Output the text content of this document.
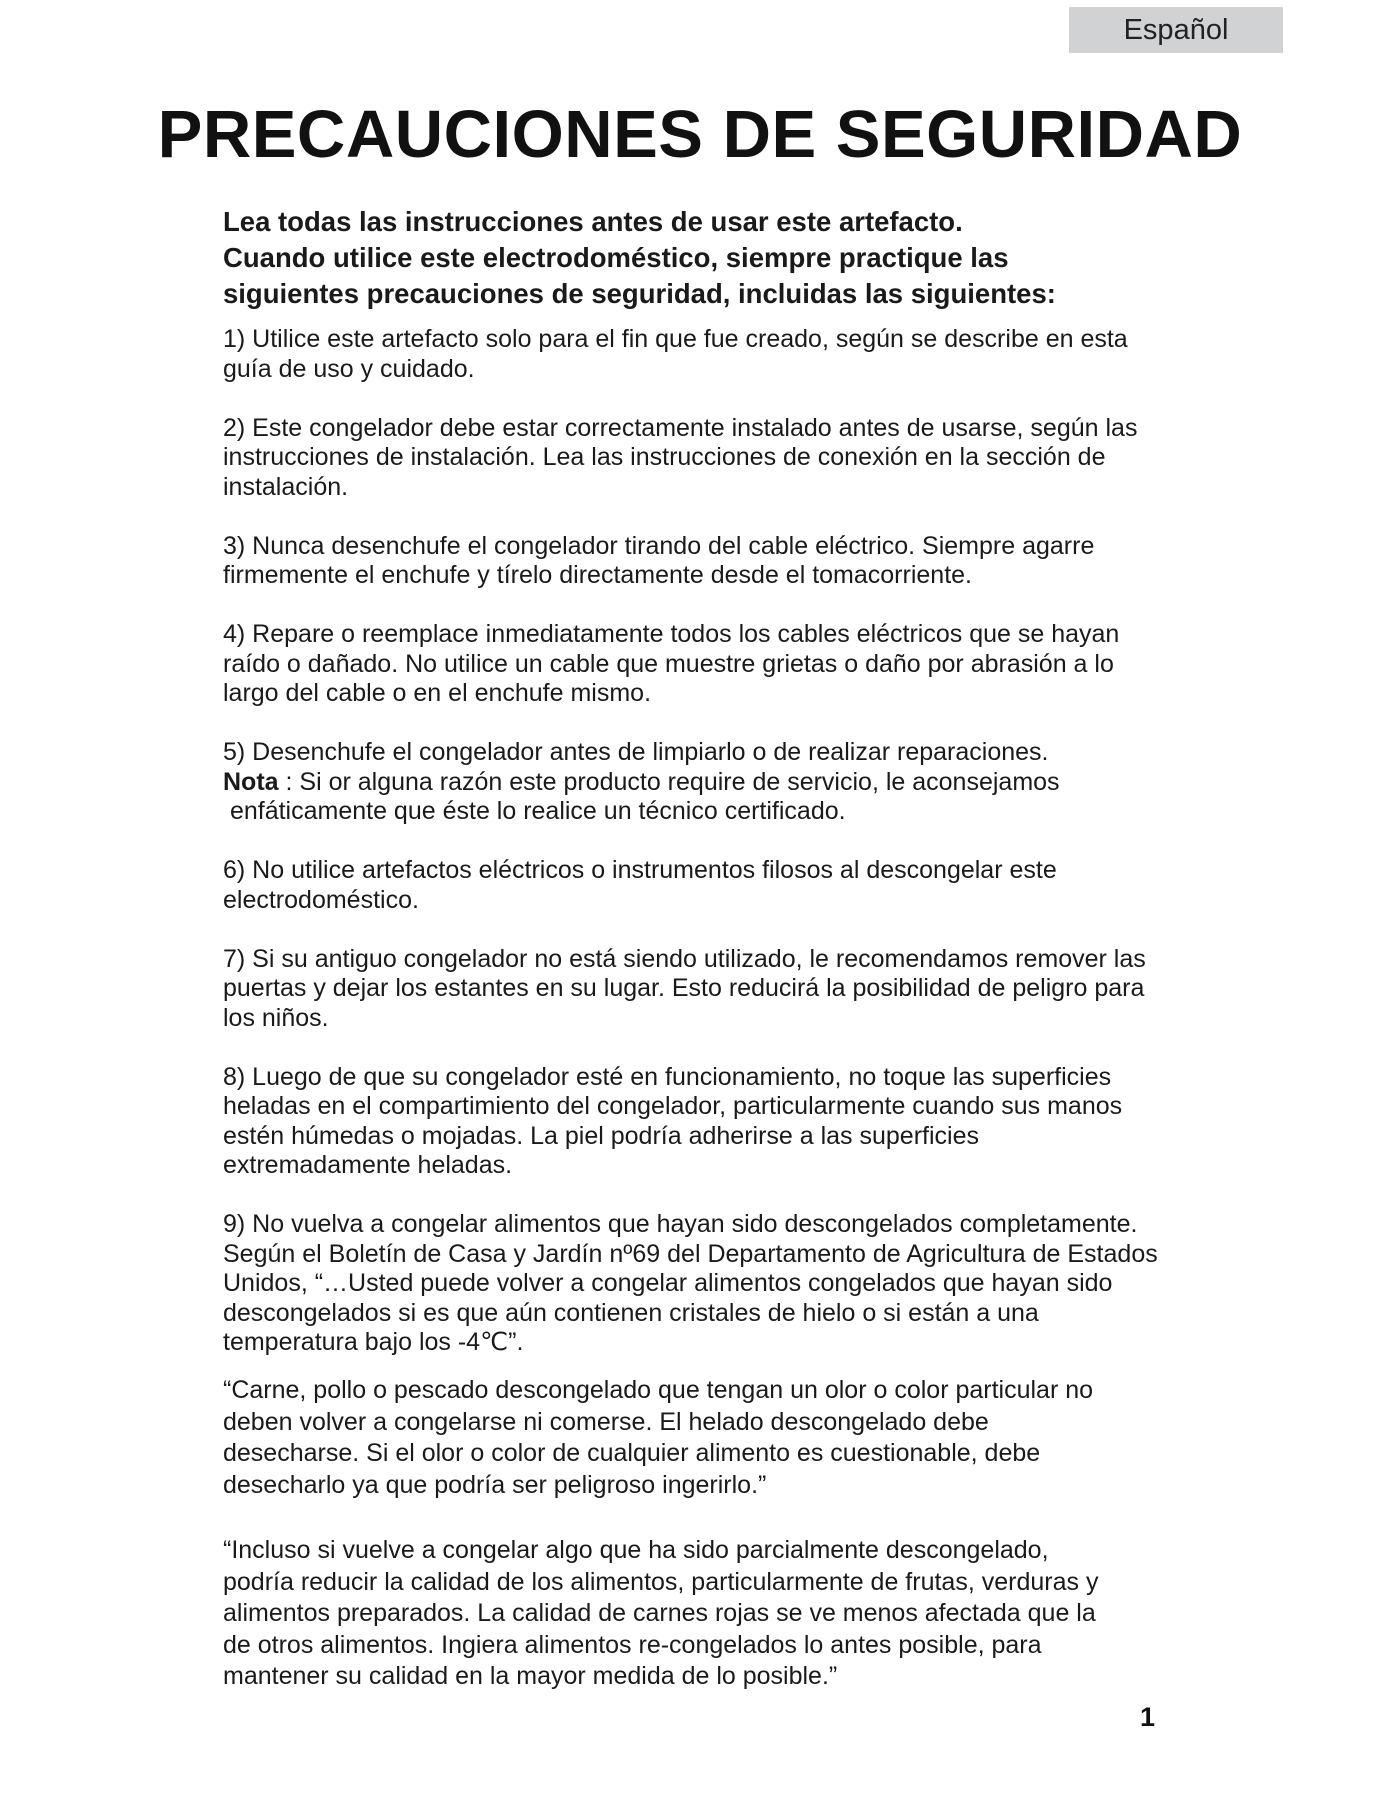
Español
PRECAUCIONES DE SEGURIDAD

Lea todas las instrucciones antes de usar este artefacto.
Cuando utilice este electrodoméstico, siempre practique las
siguientes precauciones de seguridad, incluidas las siguientes:

1) Utilice este artefacto solo para el fin que fue creado, según se describe en esta
guía de uso y cuidado.

2) Este congelador debe estar correctamente instalado antes de usarse, según las
instrucciones de instalación. Lea las instrucciones de conexión en la sección de
instalación.

3) Nunca desenchufe el congelador tirando del cable eléctrico. Siempre agarre
firmemente el enchufe y tírelo directamente desde el tomacorriente.

4) Repare o reemplace inmediatamente todos los cables eléctricos que se hayan
raído o dañado. No utilice un cable que muestre grietas o daño por abrasión a lo
largo del cable o en el enchufe mismo.

5) Desenchufe el congelador antes de limpiarlo o de realizar reparaciones.
Nota : Si or alguna razón este producto require de servicio, le aconsejamos
enfáticamente que éste lo realice un técnico certificado.

6) No utilice artefactos eléctricos o instrumentos filosos al descongelar este
electrodoméstico.

7) Si su antiguo congelador no está siendo utilizado, le recomendamos remover las
puertas y dejar los estantes en su lugar. Esto reducirá la posibilidad de peligro para
los niños.

8) Luego de que su congelador esté en funcionamiento, no toque las superficies
heladas en el compartimiento del congelador, particularmente cuando sus manos
estén húmedas o mojadas. La piel podría adherirse a las superficies
extremadamente heladas.

9) No vuelva a congelar alimentos que hayan sido descongelados completamente.
Según el Boletín de Casa y Jardín nº69 del Departamento de Agricultura de Estados
Unidos, “…Usted puede volver a congelar alimentos congelados que hayan sido
descongelados si es que aún contienen cristales de hielo o si están a una
temperatura bajo los -4℃”.

“Carne, pollo o pescado descongelado que tengan un olor o color particular no
deben volver a congelarse ni comerse. El helado descongelado debe
desecharse. Si el olor o color de cualquier alimento es cuestionable, debe
desecharlo ya que podría ser peligroso ingerirlo.”

“Incluso si vuelve a congelar algo que ha sido parcialmente descongelado,
podría reducir la calidad de los alimentos, particularmente de frutas, verduras y
alimentos preparados. La calidad de carnes rojas se ve menos afectada que la
de otros alimentos. Ingiera alimentos re-congelados lo antes posible, para
mantener su calidad en la mayor medida de lo posible.”

1
